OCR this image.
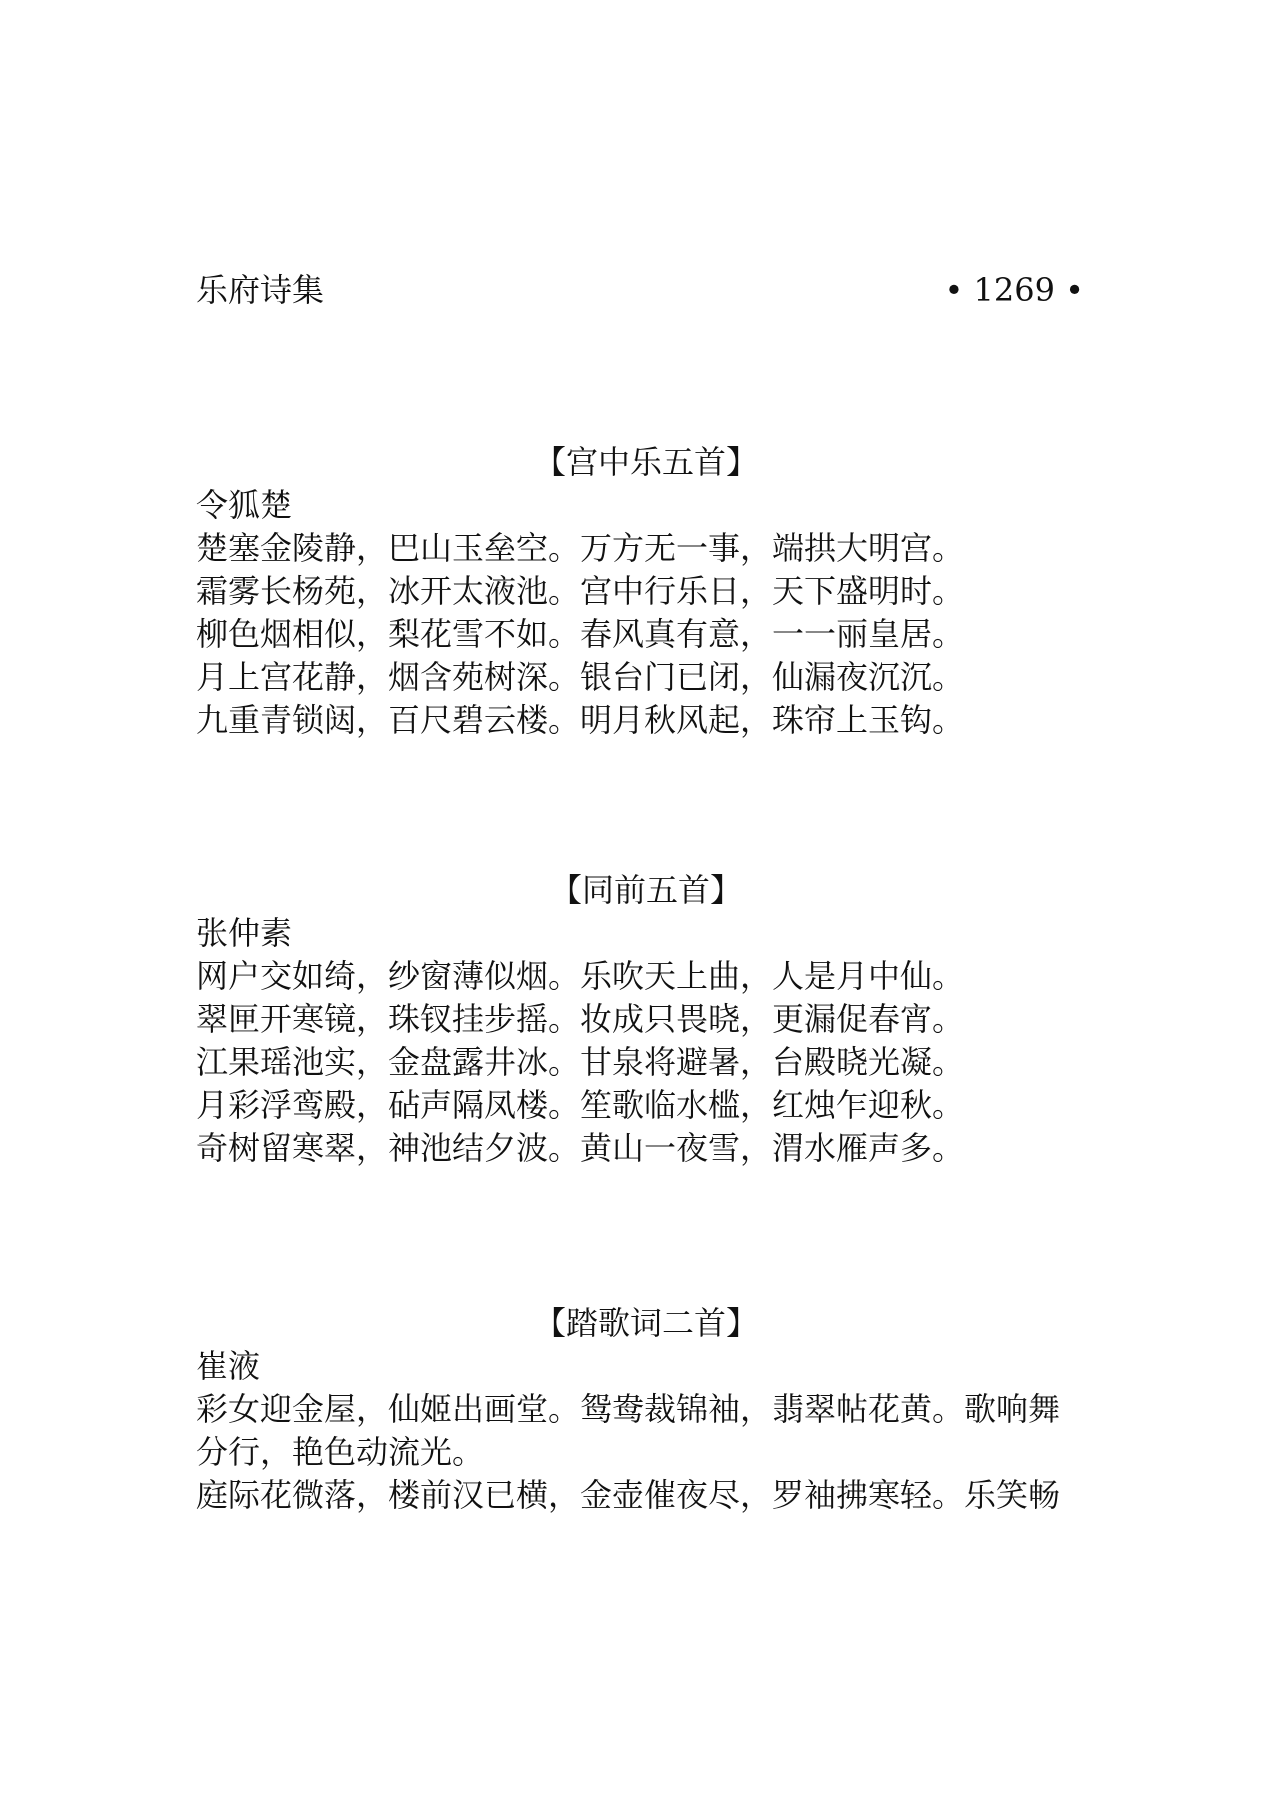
乐府诗集	• 1269 •
【宫中乐五首】
令狐楚
楚塞金陵静，巴山玉垒空。万方无一事，端拱大明宫。
霜雾长杨苑，冰开太液池。宫中行乐日，天下盛明时。
柳色烟相似，梨花雪不如。春风真有意，一一丽皇居。
月上宫花静，烟含苑树深。银台门已闭，仙漏夜沉沉。
九重青锁闼，百尺碧云楼。明月秋风起，珠帘上玉钩。
【同前五首】
张仲素
网户交如绮，纱窗薄似烟。乐吹天上曲，人是月中仙。
翠匣开寒镜，珠钗挂步摇。妆成只畏晓，更漏促春宵。
江果瑶池实，金盘露井冰。甘泉将避暑，台殿晓光凝。
月彩浮鸾殿，砧声隔凤楼。笙歌临水槛，红烛乍迎秋。
奇树留寒翠，神池结夕波。黄山一夜雪，渭水雁声多。
【踏歌词二首】
崔液
彩女迎金屋，仙姬出画堂。鸳鸯裁锦袖，翡翠帖花黄。歌响舞
分行，艳色动流光。
庭际花微落，楼前汉已横，金壶催夜尽，罗袖拂寒轻。乐笑畅
